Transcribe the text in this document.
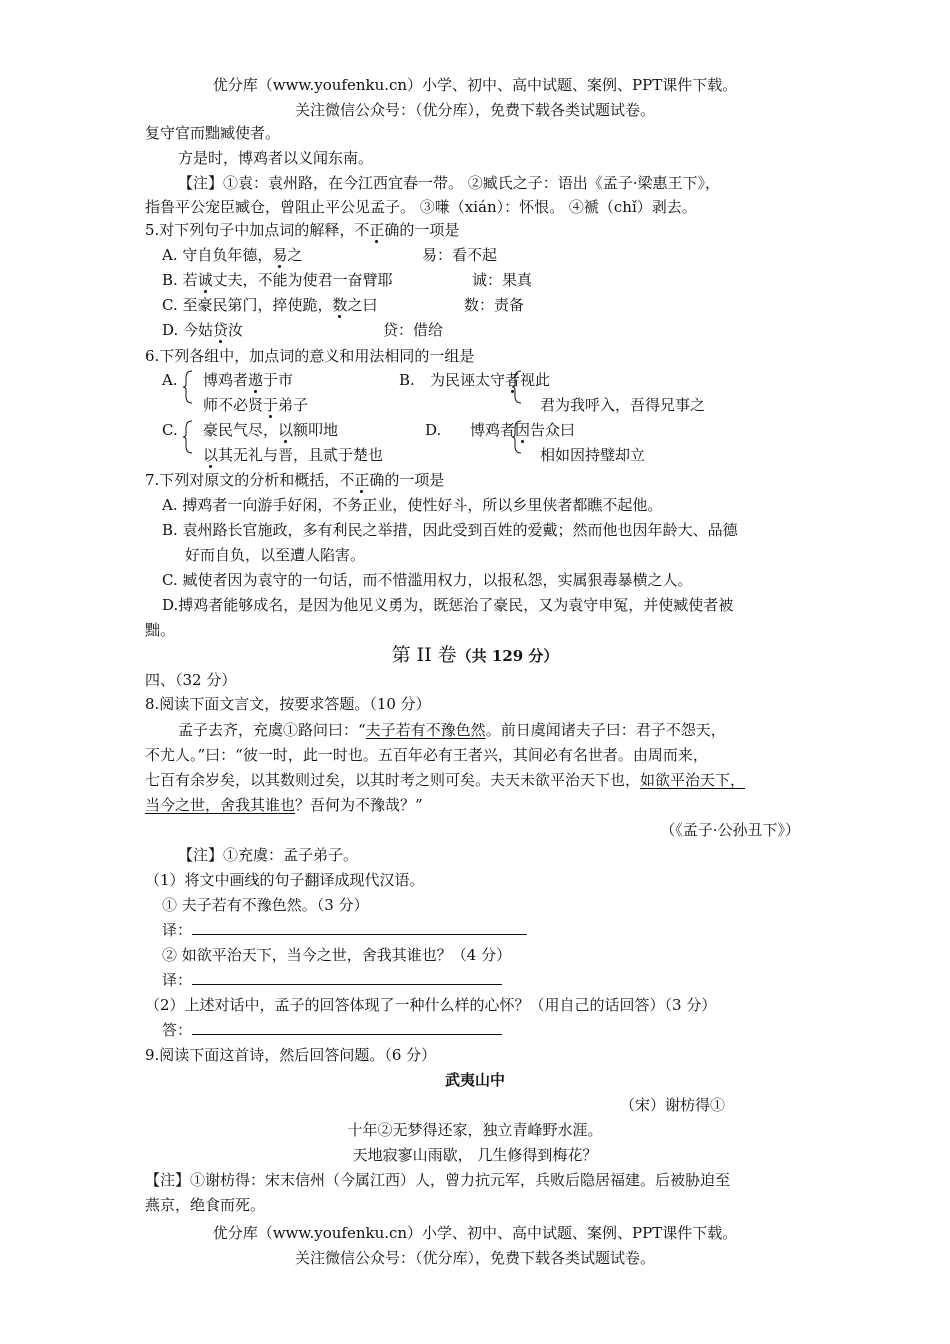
优分库（www.youfenku.cn）小学、初中、高中试题、案例、PPT课件下载。
关注微信公众号：（优分库），免费下载各类试题试卷。
复守官而黜臧使者。
方是时，博鸡者以义闻东南。
【注】①袁：袁州路，在今江西宜春一带。 ②臧氏之子：语出《孟子·梁惠王下》，
指鲁平公宠臣臧仓，曾阻止平公见孟子。 ③嗛（xián）：怀恨。 ④褫（chǐ）剥去。
5.对下列句子中加点词的解释，不正确的一项是
A. 守自负年德，易之	易：看不起
B. 若诚丈夫，不能为使君一奋臂耶	诚：果真
C. 至豪民第门，捽使跪，数之曰	数：责备
D. 今姑贷汝	贷：借给
6.下列各组中，加点词的意义和用法相同的一组是
A. 博鸡者遨于市
师不必贤于弟子
B. 为民诬太守者视此
君为我呼入，吾得兄事之
C. 豪民气尽，以额叩地
以其无礼与晋，且贰于楚也
D. 博鸡者因告众曰
相如因持璧却立
7.下列对原文的分析和概括，不正确的一项是
A. 搏鸡者一向游手好闲，不务正业，使性好斗，所以乡里侠者都瞧不起他。
B. 袁州路长官施政，多有利民之举措，因此受到百姓的爱戴；然而他也因年龄大、品德
好而自负，以至遭人陷害。
C. 臧使者因为袁守的一句话，而不惜滥用权力，以报私怨，实属狠毒暴横之人。
D.搏鸡者能够成名，是因为他见义勇为，既惩治了豪民，又为袁守申冤，并使臧使者被
黜。
第 II 卷（共 129 分）
四、（32 分）
8.阅读下面文言文，按要求答题。（10 分）
孟子去齐，充虞①路问曰：“夫子若有不豫色然。前日虞闻诸夫子曰：君子不怨天，
不尤人。”曰：“彼一时，此一时也。五百年必有王者兴，其间必有名世者。由周而来，
七百有余岁矣，以其数则过矣，以其时考之则可矣。夫天未欲平治天下也，如欲平治天下，
当今之世，舍我其谁也？吾何为不豫哉？”
（《孟子·公孙丑下》）
【注】①充虞：孟子弟子。
（1）将文中画线的句子翻译成现代汉语。
① 夫子若有不豫色然。（3 分）
译：
② 如欲平治天下，当今之世，舍我其谁也？（4 分）
译：
（2）上述对话中，孟子的回答体现了一种什么样的心怀？（用自己的话回答）（3 分）
答：
9.阅读下面这首诗，然后回答问题。（6 分）
武夷山中
（宋）谢枋得①
十年②无梦得还家，独立青峰野水涯。
天地寂寥山雨歇， 几生修得到梅花？
【注】①谢枋得：宋末信州（今属江西）人，曾力抗元军，兵败后隐居福建。后被胁迫至
燕京，绝食而死。
优分库（www.youfenku.cn）小学、初中、高中试题、案例、PPT课件下载。
关注微信公众号：（优分库），免费下载各类试题试卷。
